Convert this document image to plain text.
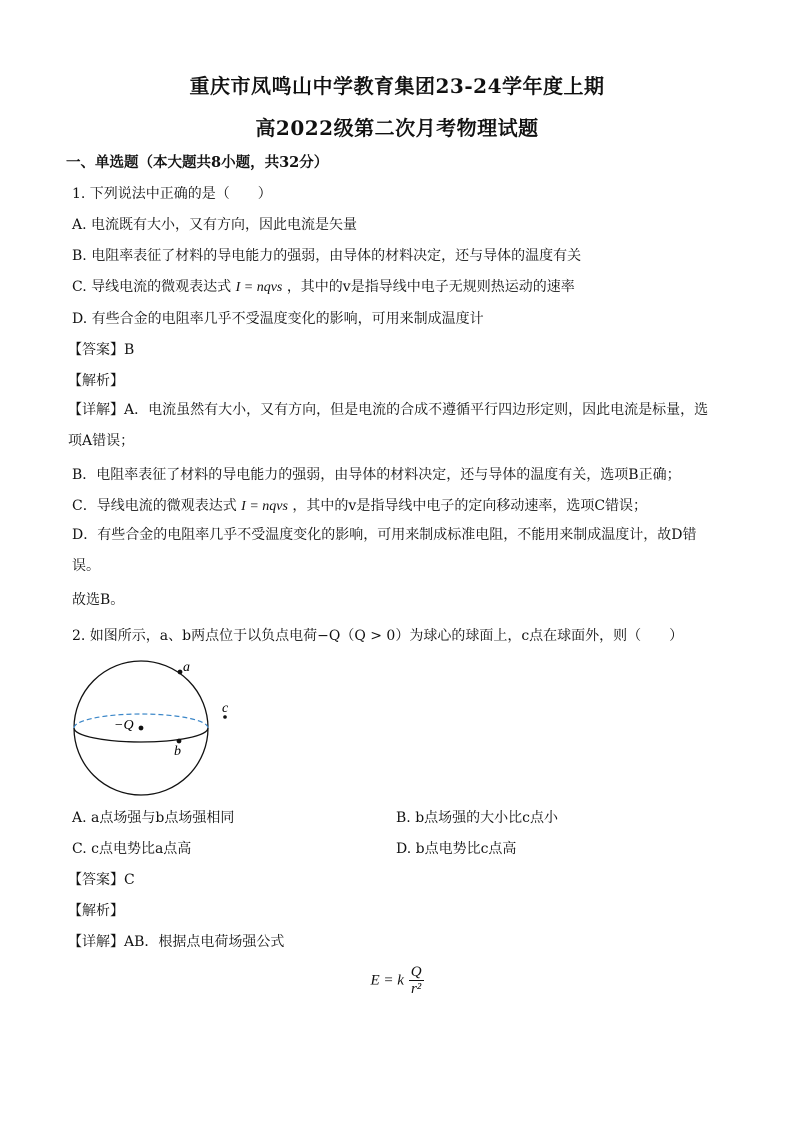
重庆市凤鸣山中学教育集团23-24学年度上期
高2022级第二次月考物理试题
一、单选题（本大题共8小题，共32分）
1. 下列说法中正确的是（　　）
A. 电流既有大小，又有方向，因此电流是矢量
B. 电阻率表征了材料的导电能力的强弱，由导体的材料决定，还与导体的温度有关
C. 导线电流的微观表达式 I = nqvs ，其中的v是指导线中电子无规则热运动的速率
D. 有些合金的电阻率几乎不受温度变化的影响，可用来制成温度计
【答案】B
【解析】
【详解】A．电流虽然有大小，又有方向，但是电流的合成不遵循平行四边形定则，因此电流是标量，选项A错误；
B．电阻率表征了材料的导电能力的强弱，由导体的材料决定，还与导体的温度有关，选项B正确；
C．导线电流的微观表达式 I = nqvs ，其中的v是指导线中电子的定向移动速率，选项C错误；
D．有些合金的电阻率几乎不受温度变化的影响，可用来制成标准电阻，不能用来制成温度计，故D错误。
故选B。
2. 如图所示，a、b两点位于以负点电荷−Q（Q > 0）为球心的球面上，c点在球面外，则（　　）
a
b
c
−Q
A. a点场强与b点场强相同	B. b点场强的大小比c点小
C. c点电势比a点高	D. b点电势比c点高
【答案】C
【解析】
【详解】AB．根据点电荷场强公式
E = k $\frac{Q}{\text{r²}}$
